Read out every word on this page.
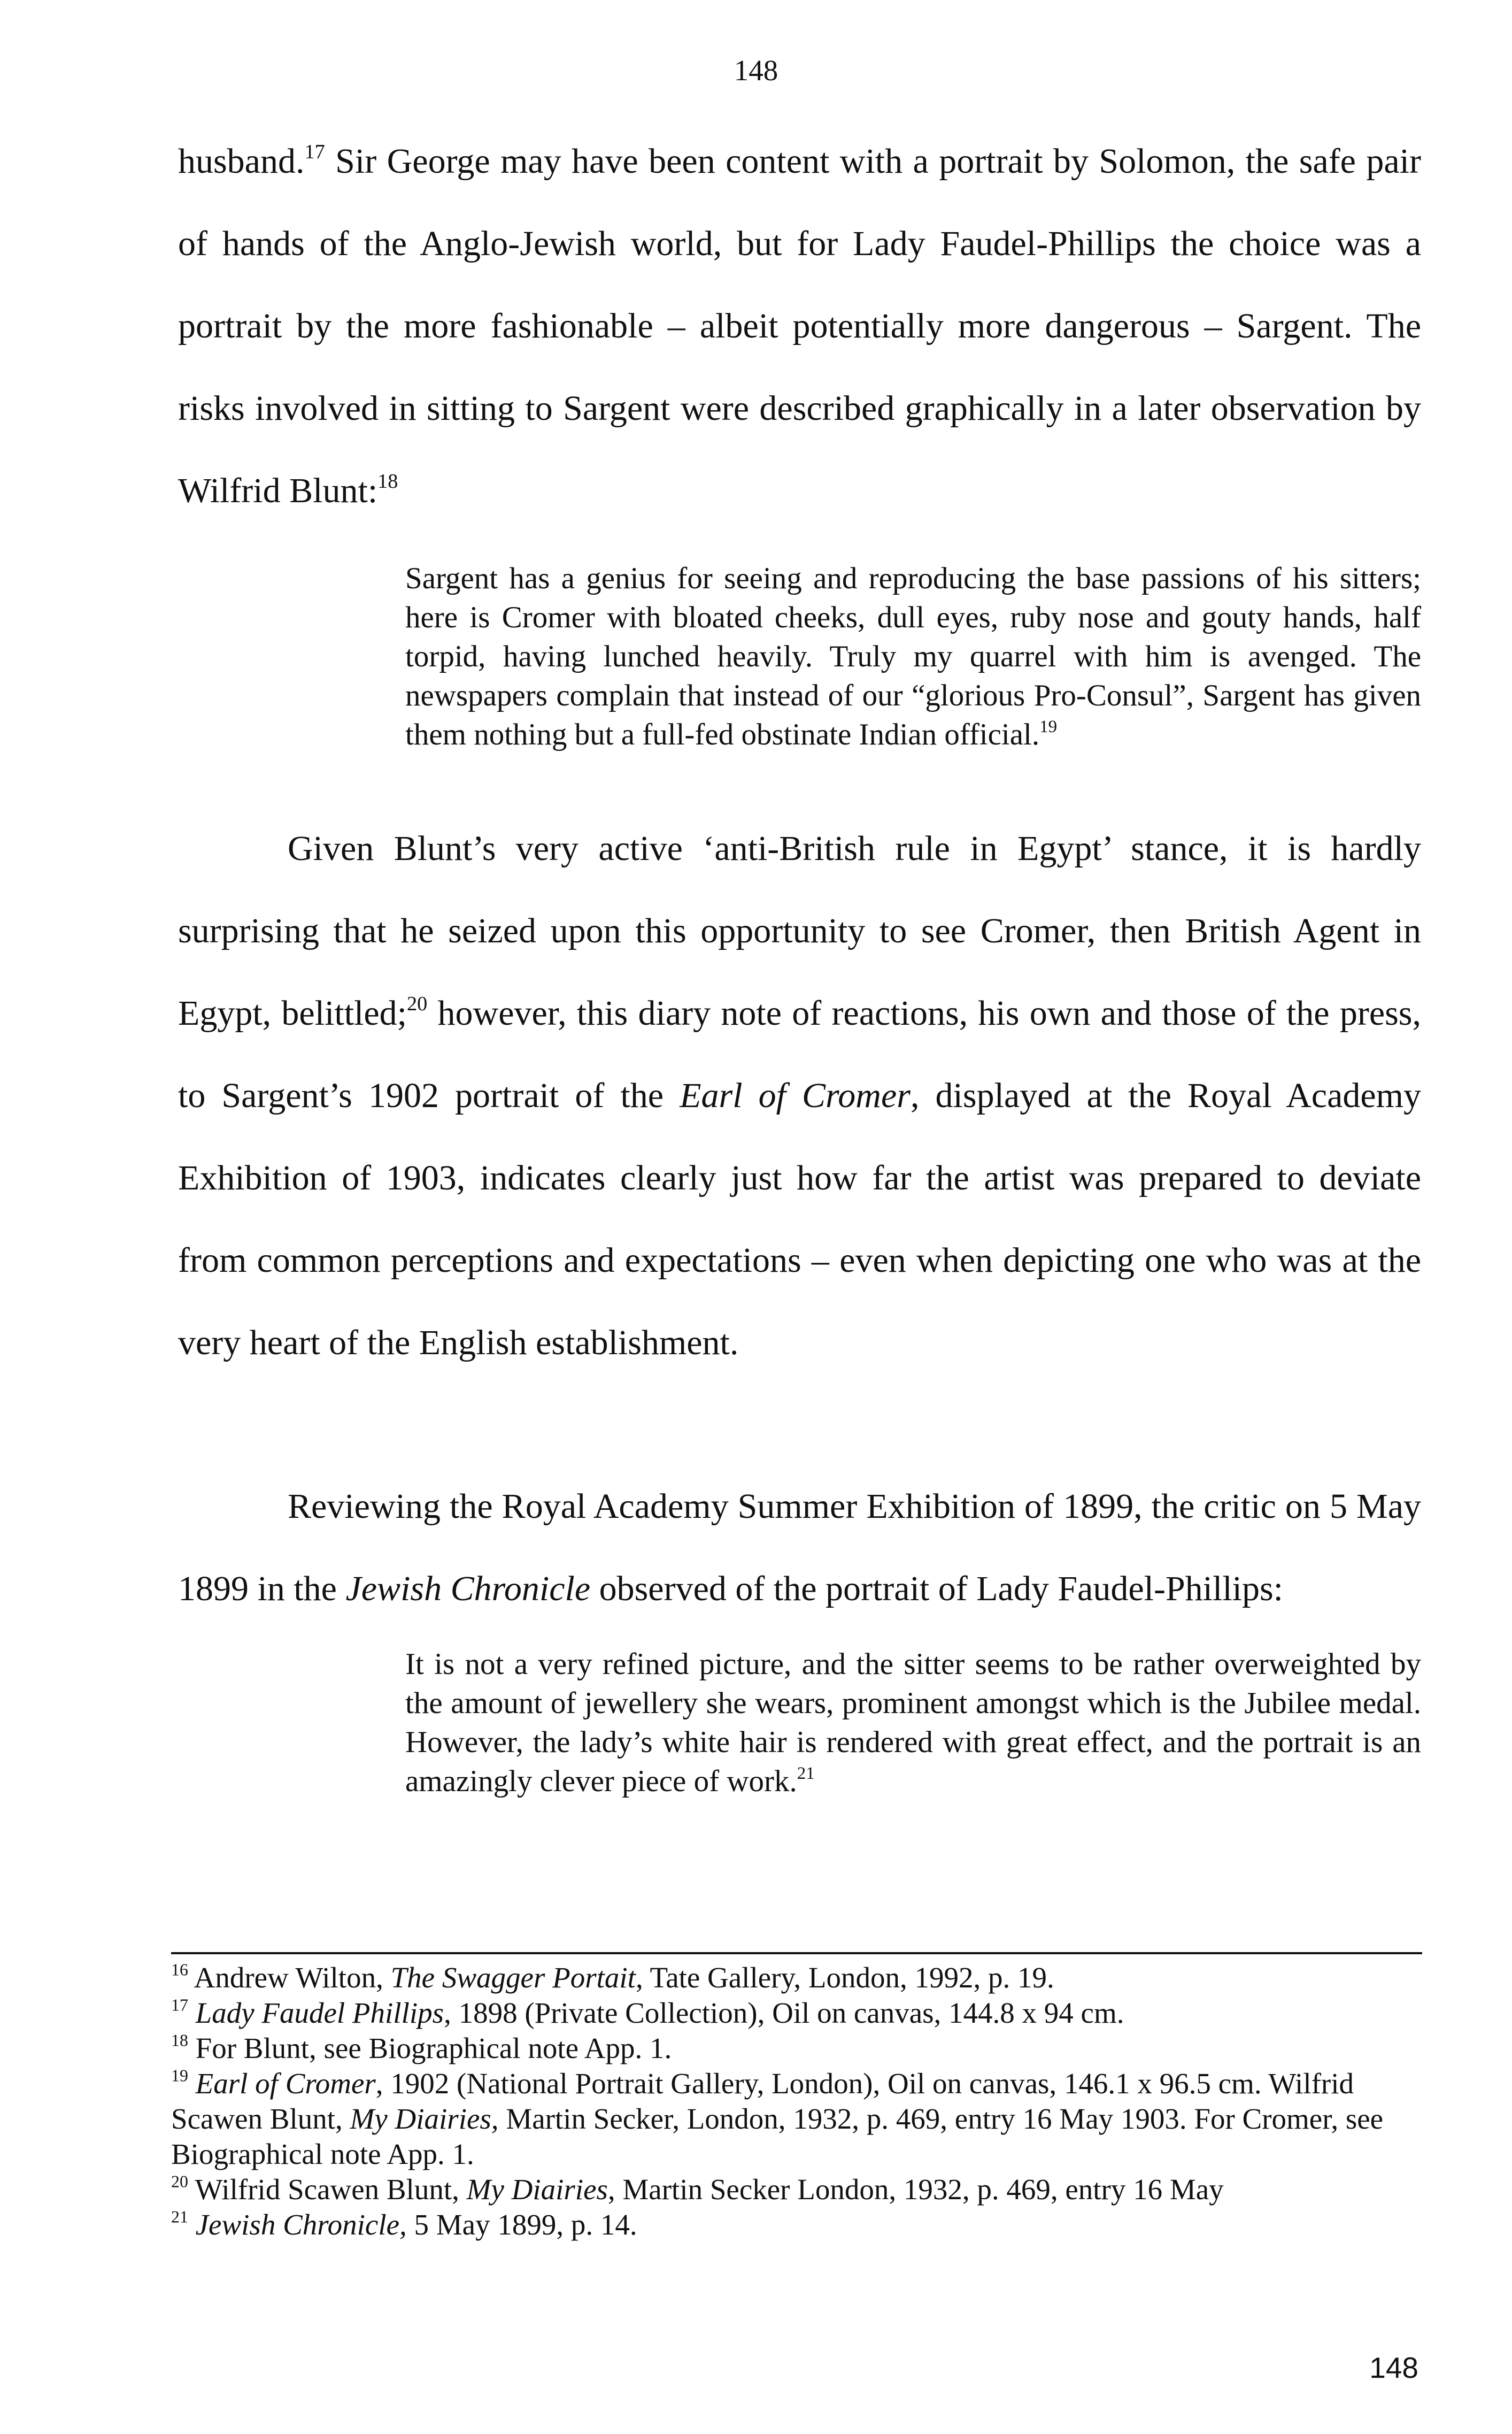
148

husband.$^{17}$ Sir George may have been content with a portrait by Solomon, the safe pair of hands of the Anglo-Jewish world, but for Lady Faudel-Phillips the choice was a portrait by the more fashionable – albeit potentially more dangerous – Sargent. The risks involved in sitting to Sargent were described graphically in a later observation by Wilfrid Blunt:$^{18}$

Sargent has a genius for seeing and reproducing the base passions of his sitters; here is Cromer with bloated cheeks, dull eyes, ruby nose and gouty hands, half torpid, having lunched heavily. Truly my quarrel with him is avenged. The newspapers complain that instead of our “glorious Pro-Consul”, Sargent has given them nothing but a full-fed obstinate Indian official.$^{19}$

Given Blunt’s very active ‘anti-British rule in Egypt’ stance, it is hardly surprising that he seized upon this opportunity to see Cromer, then British Agent in Egypt, belittled;$^{20}$ however, this diary note of reactions, his own and those of the press, to Sargent’s 1902 portrait of the Earl of Cromer, displayed at the Royal Academy Exhibition of 1903, indicates clearly just how far the artist was prepared to deviate from common perceptions and expectations – even when depicting one who was at the very heart of the English establishment.

Reviewing the Royal Academy Summer Exhibition of 1899, the critic on 5 May 1899 in the Jewish Chronicle observed of the portrait of Lady Faudel-Phillips:

It is not a very refined picture, and the sitter seems to be rather overweighted by the amount of jewellery she wears, prominent amongst which is the Jubilee medal. However, the lady’s white hair is rendered with great effect, and the portrait is an amazingly clever piece of work.$^{21}$

$^{16}$ Andrew Wilton, The Swagger Portait, Tate Gallery, London, 1992, p. 19.

$^{17}$ Lady Faudel Phillips, 1898 (Private Collection), Oil on canvas, 144.8 x 94 cm.

$^{18}$ For Blunt, see Biographical note App. 1.

$^{19}$ Earl of Cromer, 1902 (National Portrait Gallery, London), Oil on canvas, 146.1 x 96.5 cm. Wilfrid Scawen Blunt, My Diairies, Martin Secker, London, 1932, p. 469, entry 16 May 1903. For Cromer, see Biographical note App. 1.

$^{20}$ Wilfrid Scawen Blunt, My Diairies, Martin Secker London, 1932, p. 469, entry 16 May

$^{21}$ Jewish Chronicle, 5 May 1899, p. 14.

148
